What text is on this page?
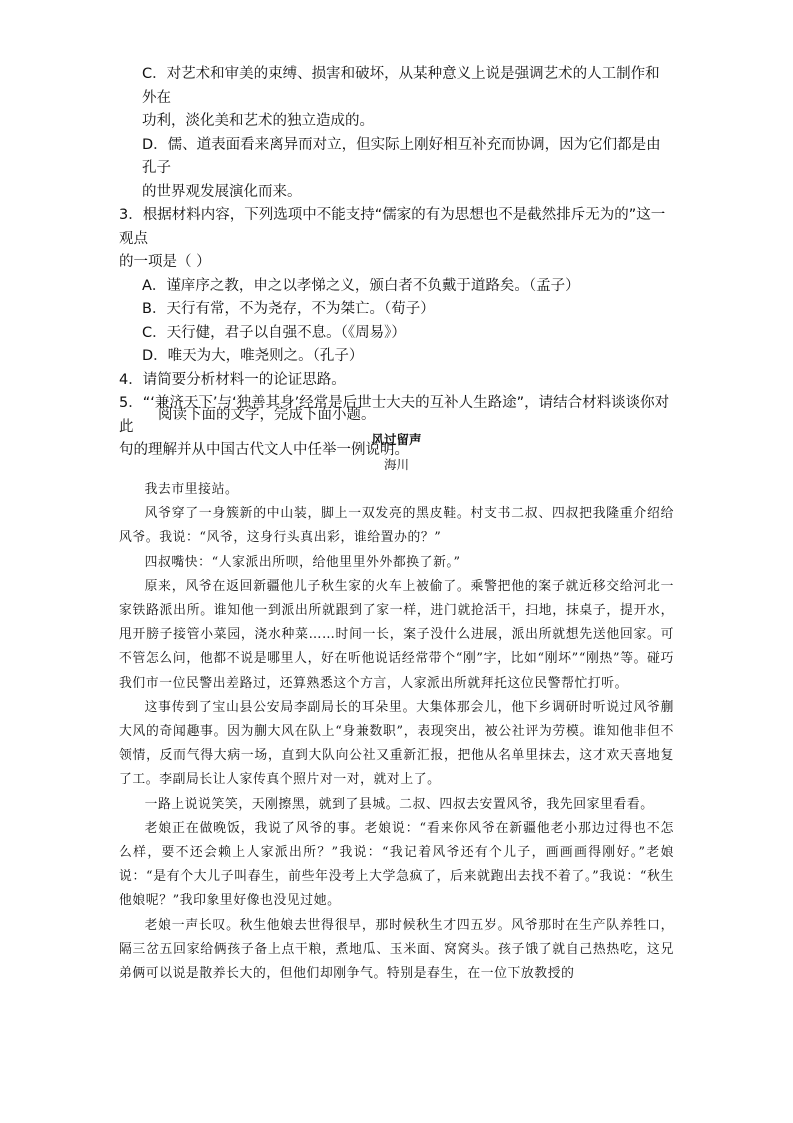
C．对艺术和审美的束缚、损害和破坏，从某种意义上说是强调艺术的人工制作和外在

功利，淡化美和艺术的独立造成的。

D．儒、道表面看来离异而对立，但实际上刚好相互补充而协调，因为它们都是由孔子

的世界观发展演化而来。

3．根据材料内容，下列选项中不能支持“儒家的有为思想也不是截然排斥无为的”这一观点

的一项是（ ）

A．谨庠序之教，申之以孝悌之义，颁白者不负戴于道路矣。（孟子）

B．天行有常，不为尧存，不为桀亡。（荀子）

C．天行健，君子以自强不息。（《周易》）

D．唯天为大，唯尧则之。（孔子）

4．请简要分析材料一的论证思路。

5．“‘兼济天下’与‘独善其身’经常是后世士大夫的互补人生路途”，请结合材料谈谈你对此

句的理解并从中国古代文人中任举一例说明。

阅读下面的文字，完成下面小题。

风过留声

海川

我去市里接站。

风爷穿了一身簇新的中山装，脚上一双发亮的黑皮鞋。村支书二叔、四叔把我隆重介绍给风爷。我说：“风爷，这身行头真出彩，谁给置办的？”

四叔嘴快：“人家派出所呗，给他里里外外都换了新。”

原来，风爷在返回新疆他儿子秋生家的火车上被偷了。乘警把他的案子就近移交给河北一家铁路派出所。谁知他一到派出所就跟到了家一样，进门就抢活干，扫地，抹桌子，提开水，甩开膀子接管小菜园，浇水种菜……时间一长，案子没什么进展，派出所就想先送他回家。可不管怎么问，他都不说是哪里人，好在听他说话经常带个“刚”字，比如“刚坏”“刚热”等。碰巧我们市一位民警出差路过，还算熟悉这个方言，人家派出所就拜托这位民警帮忙打听。

这事传到了宝山县公安局李副局长的耳朵里。大集体那会儿，他下乡调研时听说过风爷蒯大风的奇闻趣事。因为蒯大风在队上“身兼数职”，表现突出，被公社评为劳模。谁知他非但不领情，反而气得大病一场，直到大队向公社又重新汇报，把他从名单里抹去，这才欢天喜地复了工。李副局长让人家传真个照片对一对，就对上了。

一路上说说笑笑，天刚擦黑，就到了县城。二叔、四叔去安置风爷，我先回家里看看。

老娘正在做晚饭，我说了风爷的事。老娘说：“看来你风爷在新疆他老小那边过得也不怎么样，要不还会赖上人家派出所？”我说：“我记着风爷还有个儿子，画画画得刚好。”老娘说：“是有个大儿子叫春生，前些年没考上大学急疯了，后来就跑出去找不着了。”我说：“秋生他娘呢？”我印象里好像也没见过她。

老娘一声长叹。秋生他娘去世得很早，那时候秋生才四五岁。风爷那时在生产队养牲口，隔三岔五回家给俩孩子备上点干粮，煮地瓜、玉米面、窝窝头。孩子饿了就自己热热吃，这兄弟俩可以说是散养长大的，但他们却刚争气。特别是春生，在一位下放教授的
